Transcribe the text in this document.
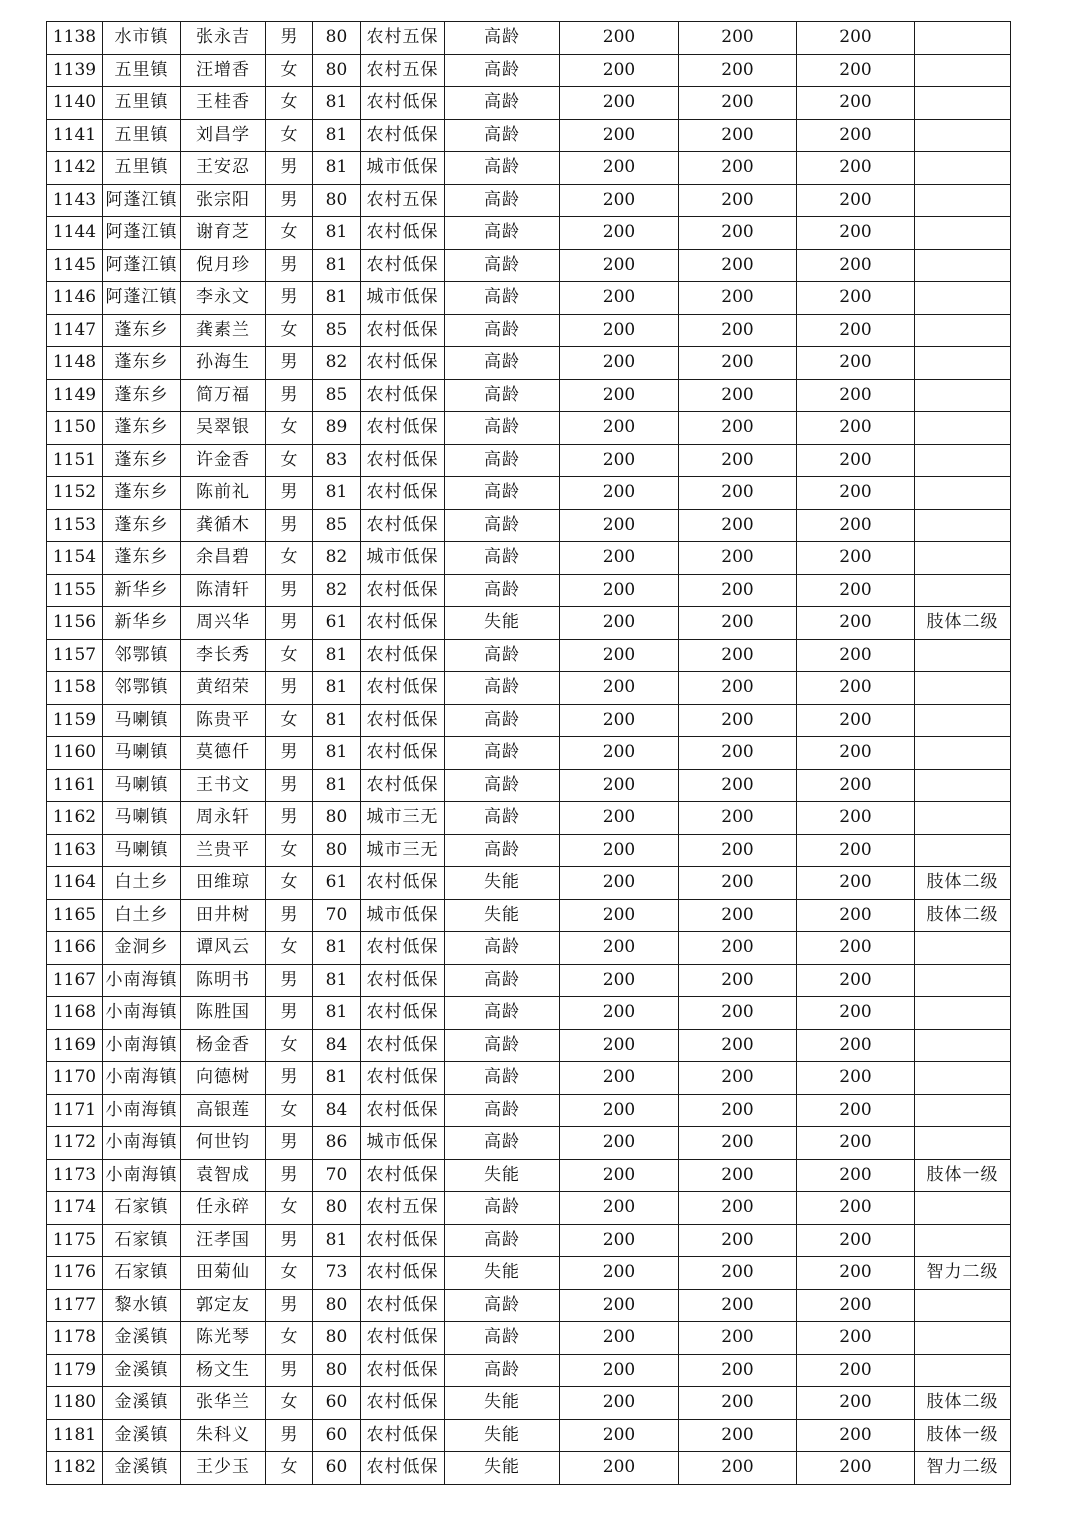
1138	水市镇	张永吉	男	80	农村五保	高龄	200	200	200	
1139	五里镇	汪增香	女	80	农村五保	高龄	200	200	200	
1140	五里镇	王桂香	女	81	农村低保	高龄	200	200	200	
1141	五里镇	刘昌学	女	81	农村低保	高龄	200	200	200	
1142	五里镇	王安忍	男	81	城市低保	高龄	200	200	200	
1143	阿蓬江镇	张宗阳	男	80	农村五保	高龄	200	200	200	
1144	阿蓬江镇	谢育芝	女	81	农村低保	高龄	200	200	200	
1145	阿蓬江镇	倪月珍	男	81	农村低保	高龄	200	200	200	
1146	阿蓬江镇	李永文	男	81	城市低保	高龄	200	200	200	
1147	蓬东乡	龚素兰	女	85	农村低保	高龄	200	200	200	
1148	蓬东乡	孙海生	男	82	农村低保	高龄	200	200	200	
1149	蓬东乡	简万福	男	85	农村低保	高龄	200	200	200	
1150	蓬东乡	吴翠银	女	89	农村低保	高龄	200	200	200	
1151	蓬东乡	许金香	女	83	农村低保	高龄	200	200	200	
1152	蓬东乡	陈前礼	男	81	农村低保	高龄	200	200	200	
1153	蓬东乡	龚循木	男	85	农村低保	高龄	200	200	200	
1154	蓬东乡	余昌碧	女	82	城市低保	高龄	200	200	200	
1155	新华乡	陈清轩	男	82	农村低保	高龄	200	200	200	
1156	新华乡	周兴华	男	61	农村低保	失能	200	200	200	肢体二级
1157	邻鄂镇	李长秀	女	81	农村低保	高龄	200	200	200	
1158	邻鄂镇	黄绍荣	男	81	农村低保	高龄	200	200	200	
1159	马喇镇	陈贵平	女	81	农村低保	高龄	200	200	200	
1160	马喇镇	莫德仟	男	81	农村低保	高龄	200	200	200	
1161	马喇镇	王书文	男	81	农村低保	高龄	200	200	200	
1162	马喇镇	周永轩	男	80	城市三无	高龄	200	200	200	
1163	马喇镇	兰贵平	女	80	城市三无	高龄	200	200	200	
1164	白土乡	田维琼	女	61	农村低保	失能	200	200	200	肢体二级
1165	白土乡	田井树	男	70	城市低保	失能	200	200	200	肢体二级
1166	金洞乡	谭风云	女	81	农村低保	高龄	200	200	200	
1167	小南海镇	陈明书	男	81	农村低保	高龄	200	200	200	
1168	小南海镇	陈胜国	男	81	农村低保	高龄	200	200	200	
1169	小南海镇	杨金香	女	84	农村低保	高龄	200	200	200	
1170	小南海镇	向德树	男	81	农村低保	高龄	200	200	200	
1171	小南海镇	高银莲	女	84	农村低保	高龄	200	200	200	
1172	小南海镇	何世钧	男	86	城市低保	高龄	200	200	200	
1173	小南海镇	袁智成	男	70	农村低保	失能	200	200	200	肢体一级
1174	石家镇	任永碎	女	80	农村五保	高龄	200	200	200	
1175	石家镇	汪孝国	男	81	农村低保	高龄	200	200	200	
1176	石家镇	田菊仙	女	73	农村低保	失能	200	200	200	智力二级
1177	黎水镇	郭定友	男	80	农村低保	高龄	200	200	200	
1178	金溪镇	陈光琴	女	80	农村低保	高龄	200	200	200	
1179	金溪镇	杨文生	男	80	农村低保	高龄	200	200	200	
1180	金溪镇	张华兰	女	60	农村低保	失能	200	200	200	肢体二级
1181	金溪镇	朱科义	男	60	农村低保	失能	200	200	200	肢体一级
1182	金溪镇	王少玉	女	60	农村低保	失能	200	200	200	智力二级
